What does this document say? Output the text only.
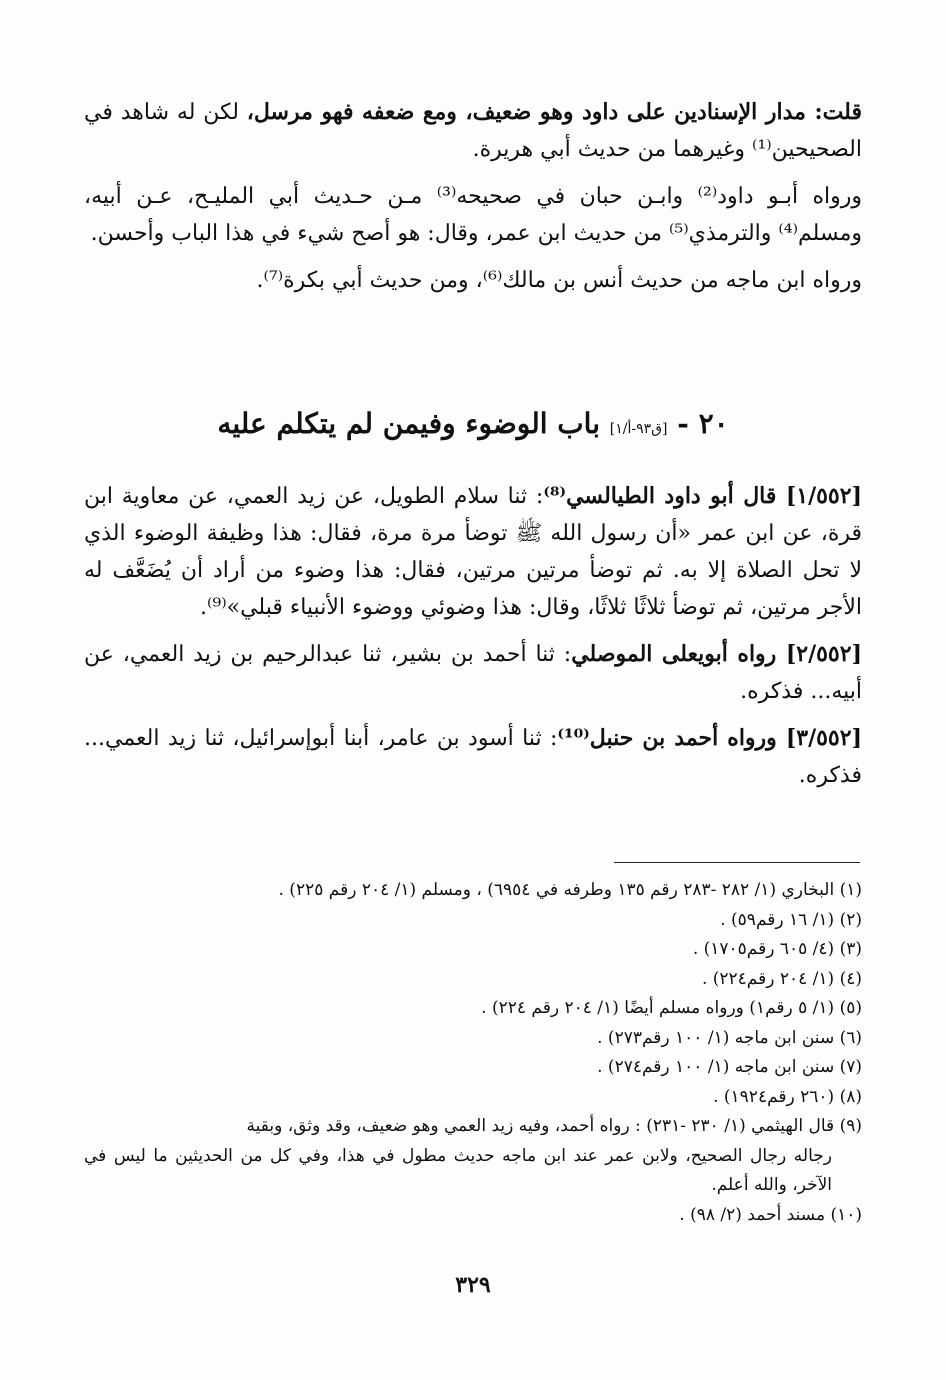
قلت: مدار الإسنادين على داود وهو ضعيف، ومع ضعفه فهو مرسل، لكن له شاهد في الصحيحين⁽¹⁾ وغيرهما من حديث أبي هريرة.

ورواه أبـو داود⁽²⁾ وابـن حبان في صحيحه⁽³⁾ مـن حـديث أبي المليـح، عـن أبيه، ومسلم⁽⁴⁾ والترمذي⁽⁵⁾ من حديث ابن عمر، وقال: هو أصح شيء في هذا الباب وأحسن.

ورواه ابن ماجه من حديث أنس بن مالك⁽⁶⁾، ومن حديث أبي بكرة⁽⁷⁾.

٢٠ - [ق٩٣-أ/١] باب الوضوء وفيمن لم يتكلم عليه

[١/٥٥٢] قال أبو داود الطيالسي⁽⁸⁾: ثنا سلام الطويل، عن زيد العمي، عن معاوية ابن قرة، عن ابن عمر «أن رسول الله ﷺ توضأ مرة مرة، فقال: هذا وظيفة الوضوء الذي لا تحل الصلاة إلا به. ثم توضأ مرتين مرتين، فقال: هذا وضوء من أراد أن يُضَعَّف له الأجر مرتين، ثم توضأ ثلاثًا ثلاثًا، وقال: هذا وضوئي ووضوء الأنبياء قبلي»⁽⁹⁾.

[٢/٥٥٢] رواه أبويعلى الموصلي: ثنا أحمد بن بشير، ثنا عبدالرحيم بن زيد العمي، عن أبيه... فذكره.

[٣/٥٥٢] ورواه أحمد بن حنبل⁽¹⁰⁾: ثنا أسود بن عامر، أبنا أبوإسرائيل، ثنا زيد العمي... فذكره.

(١) البخاري (١/ ٢٨٢ -٢٨٣ رقم ١٣٥ وطرفه في ٦٩٥٤) ، ومسلم (١/ ٢٠٤ رقم ٢٢٥) .

(٢) (١/ ١٦ رقم٥٩) .

(٣) (٤/ ٦٠٥ رقم١٧٠٥) .

(٤) (١/ ٢٠٤ رقم٢٢٤) .

(٥) (١/ ٥ رقم١) ورواه مسلم أيضًا (١/ ٢٠٤ رقم ٢٢٤) .

(٦) سنن ابن ماجه (١/ ١٠٠ رقم٢٧٣) .

(٧) سنن ابن ماجه (١/ ١٠٠ رقم٢٧٤) .

(٨) (٢٦٠ رقم١٩٢٤) .

(٩) قال الهيثمي (١/ ٢٣٠ -٢٣١) : رواه أحمد، وفيه زيد العمي وهو ضعيف، وقد وثق، وبقية

رجاله رجال الصحيح، ولابن عمر عند ابن ماجه حديث مطول في هذا، وفي كل من الحديثين ما ليس في الآخر، والله أعلم.

(١٠) مسند أحمد (٢/ ٩٨) .

٣٢٩
